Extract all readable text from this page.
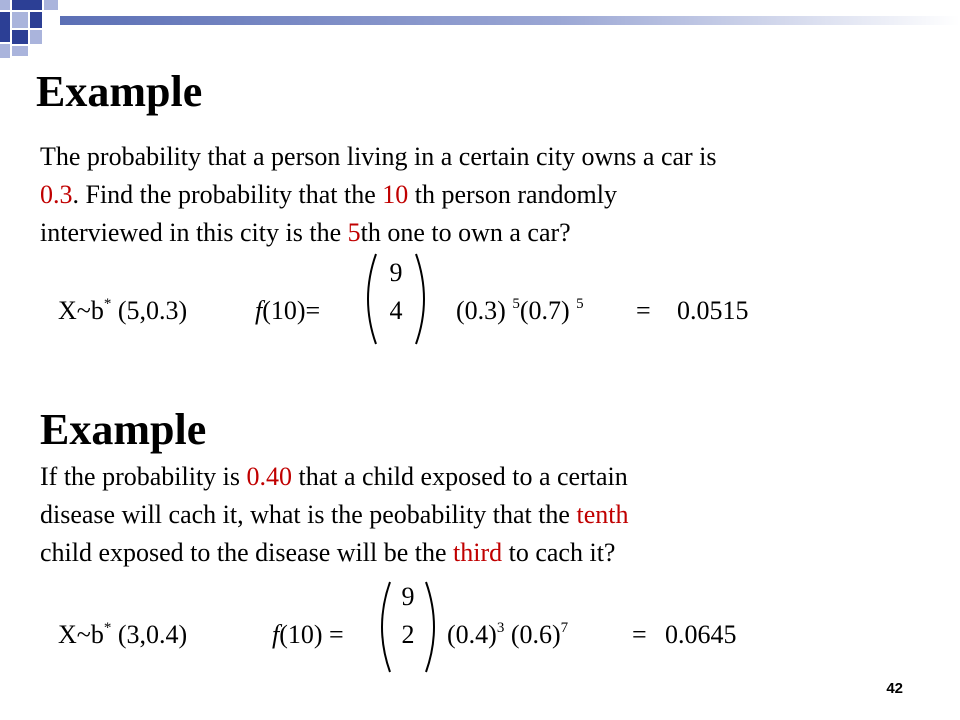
Example

The probability that a person living in a certain city owns a car is
0.3. Find the probability that the 10 th person randomly
interviewed in this city is the 5th one to own a car?

X~b* (5,0.3)	f(10)=
9
4	(0.3) $^5$(0.7) $^5$ = 0.0515
Example

If the probability is 0.40 that a child exposed to a certain
disease will cach it, what is the peobability that the tenth
child exposed to the disease will be the third to cach it?

X~b* (3,0.4)	f(10) =
9
2	$(0.4)^3$ $(0.6)^7 = 0.0645$
42
